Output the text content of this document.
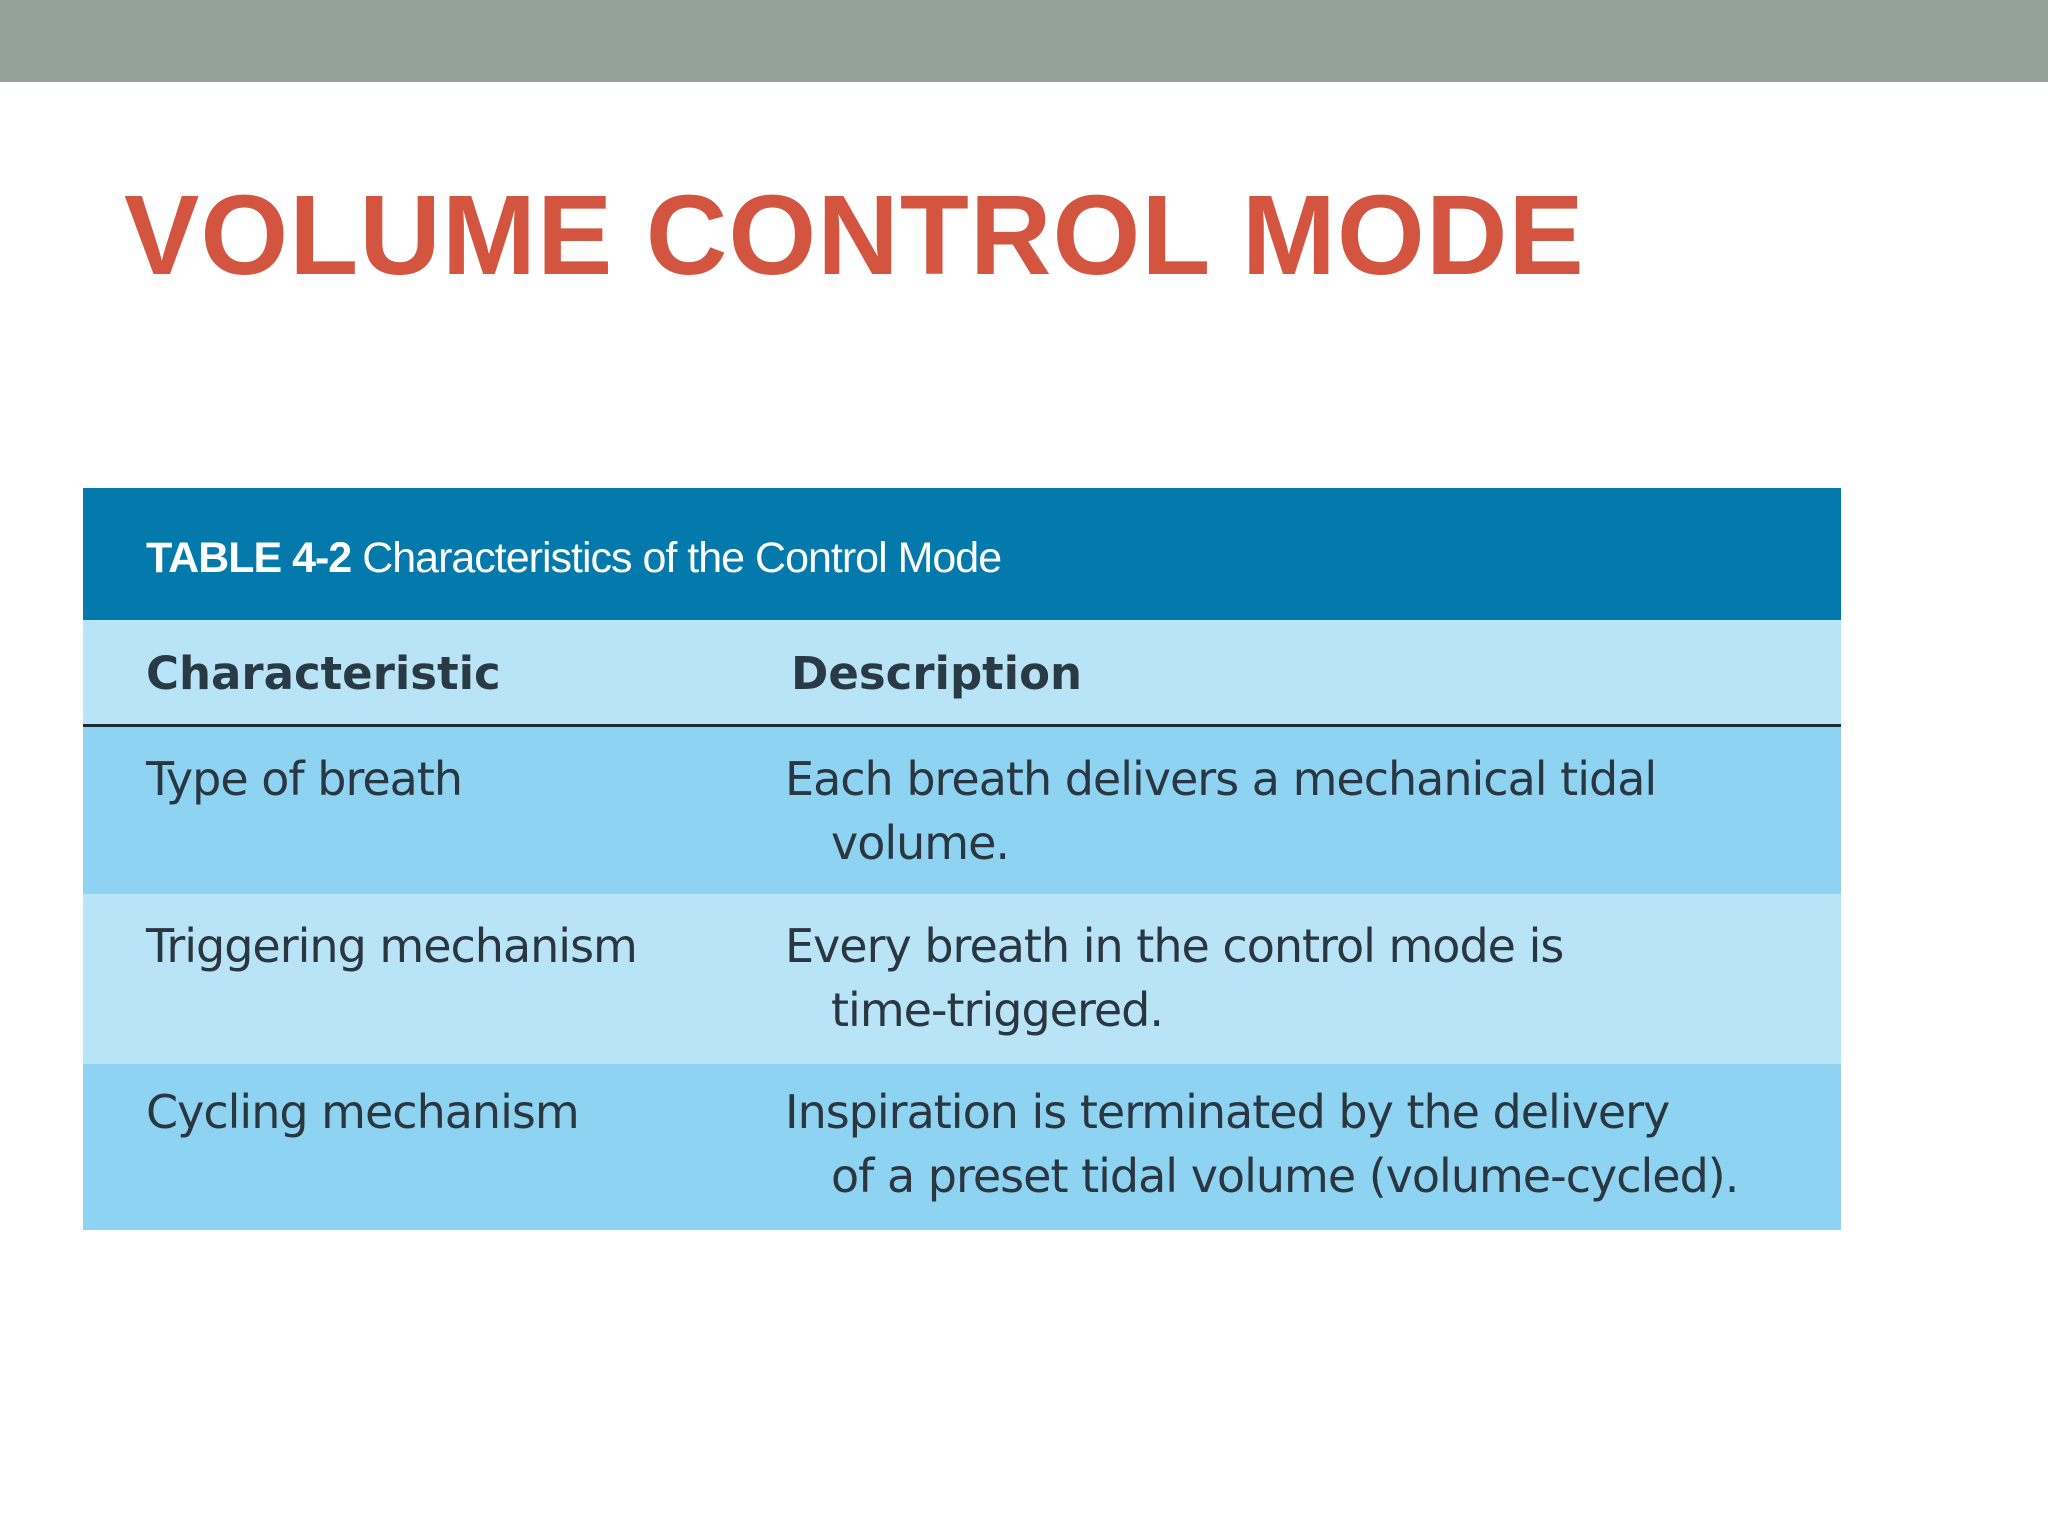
VOLUME CONTROL MODE
TABLE 4-2 Characteristics of the Control Mode
Characteristic	Description
Type of breath	Each breath delivers a mechanical tidal
volume.
Triggering mechanism	Every breath in the control mode is
time-triggered.
Cycling mechanism	Inspiration is terminated by the delivery
of a preset tidal volume (volume-cycled).
